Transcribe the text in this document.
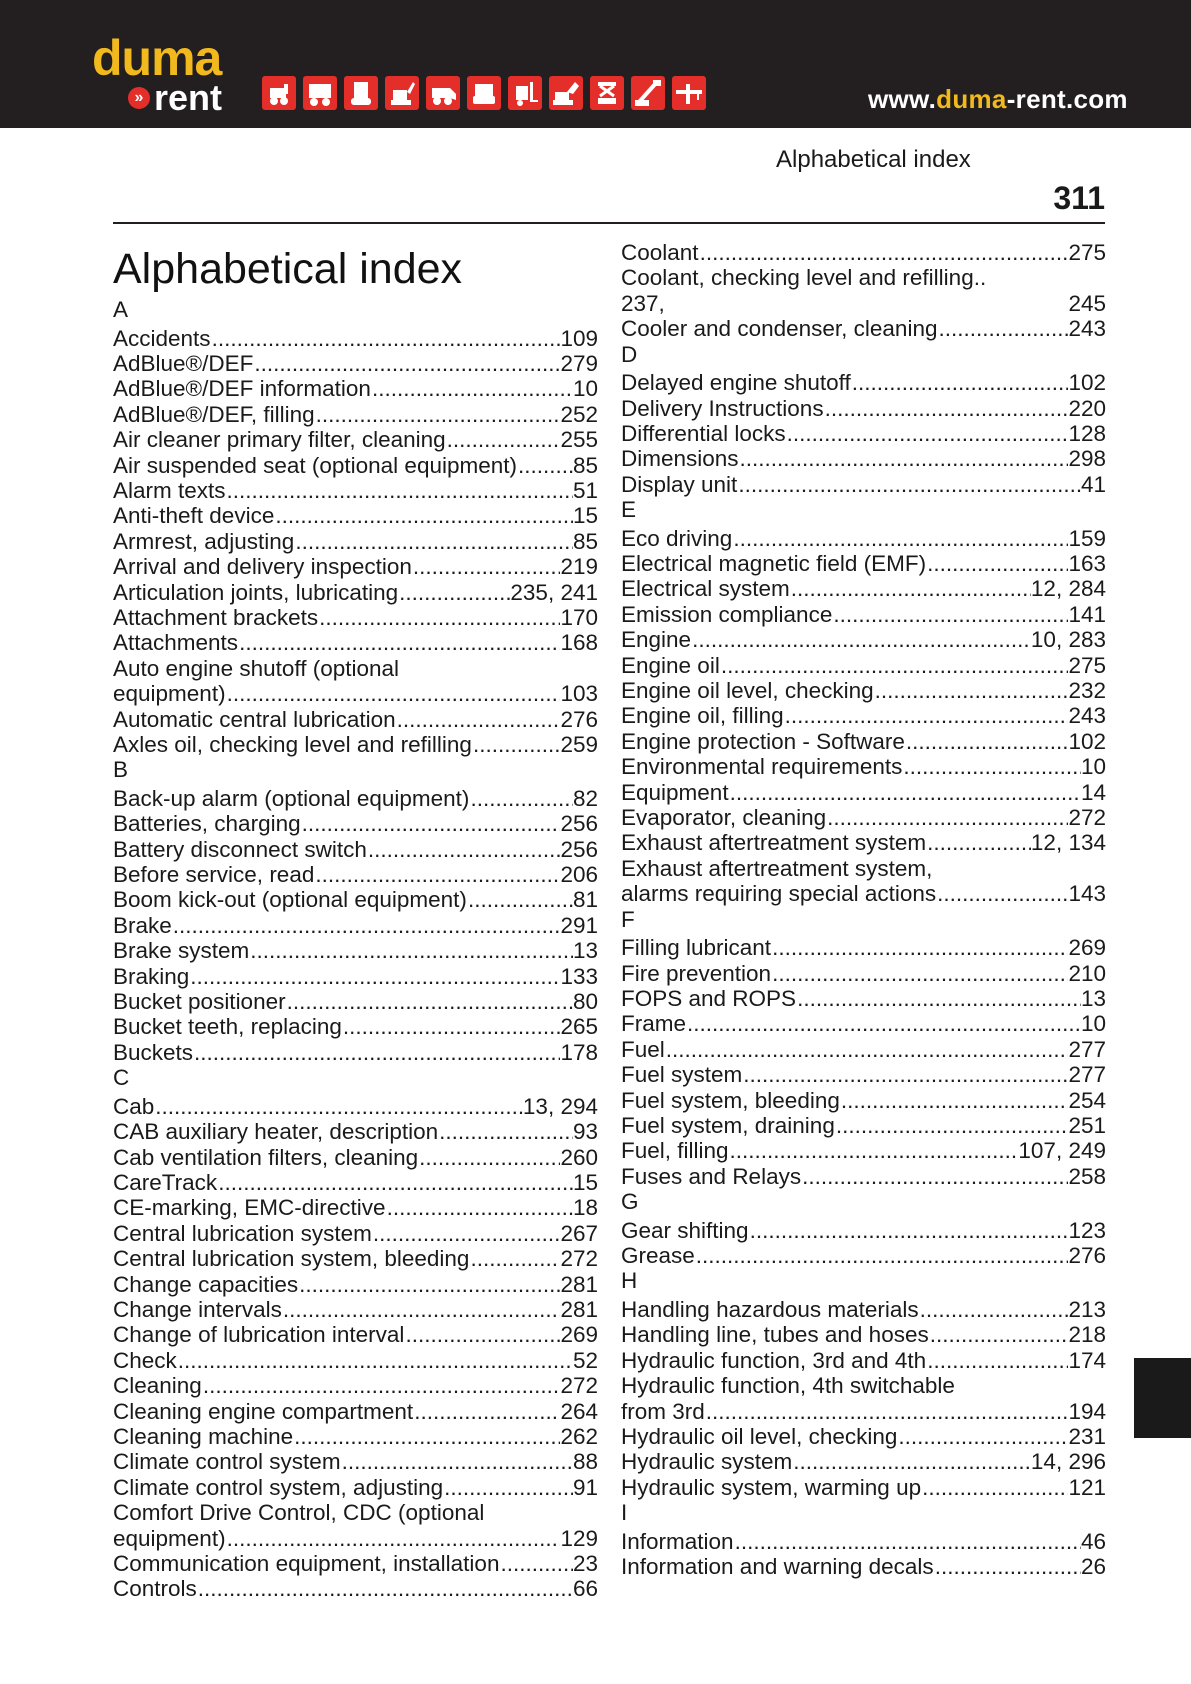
duma
» rent	www.duma-rent.com
Alphabetical index
311
Alphabetical index
A
Accidents .....	109
AdBlue®/DEF .....	279
AdBlue®/DEF information .....	10
AdBlue®/DEF, filling .....	252
Air cleaner primary filter, cleaning .....	255
Air suspended seat (optional equipment) ..... 85
Alarm texts .....	51
Anti-theft device .....	15
Armrest, adjusting .....	85
Arrival and delivery inspection .....	219
Articulation joints, lubricating .....	235, 241
Attachment brackets .....	170
Attachments .....	168
Auto engine shutoff (optional
equipment) .....	103
Automatic central lubrication .....	276
Axles oil, checking level and refilling .....	259
B
Back-up alarm (optional equipment) .....	82
Batteries, charging .....	256
Battery disconnect switch .....	256
Before service, read .....	206
Boom kick-out (optional equipment) .....	81
Brake .....	291
Brake system .....	13
Braking .....	133
Bucket positioner .....	80
Bucket teeth, replacing .....	265
Buckets .....	178
C
Cab .....	13, 294
CAB auxiliary heater, description .....	93
Cab ventilation filters, cleaning .....	260
CareTrack .....	15
CE-marking, EMC-directive .....	18
Central lubrication system .....	267
Central lubrication system, bleeding .....	272
Change capacities .....	281
Change intervals .....	281
Change of lubrication interval .....	269
Check .....	52
Cleaning .....	272
Cleaning engine compartment .....	264
Cleaning machine .....	262
Climate control system .....	88
Climate control system, adjusting .....	91
Comfort Drive Control, CDC (optional
equipment) .....	129
Communication equipment, installation .....	23
Controls .....	66
Coolant .....	275
Coolant, checking level and refilling..
237,	245
Cooler and condenser, cleaning .....	243
D
Delayed engine shutoff .....	102
Delivery Instructions .....	220
Differential locks .....	128
Dimensions .....	298
Display unit .....	41
E
Eco driving .....	159
Electrical magnetic field (EMF) .....	163
Electrical system .....	12, 284
Emission compliance .....	141
Engine .....	10, 283
Engine oil .....	275
Engine oil level, checking .....	232
Engine oil, filling .....	243
Engine protection - Software .....	102
Environmental requirements .....	10
Equipment .....	14
Evaporator, cleaning .....	272
Exhaust aftertreatment system .....	12, 134
Exhaust aftertreatment system,
alarms requiring special actions .....	143
F
Filling lubricant .....	269
Fire prevention .....	210
FOPS and ROPS .....	13
Frame .....	10
Fuel .....	277
Fuel system .....	277
Fuel system, bleeding .....	254
Fuel system, draining .....	251
Fuel, filling .....	107, 249
Fuses and Relays .....	258
G
Gear shifting .....	123
Grease .....	276
H
Handling hazardous materials .....	213
Handling line, tubes and hoses .....	218
Hydraulic function, 3rd and 4th .....	174
Hydraulic function, 4th switchable
from 3rd .....	194
Hydraulic oil level, checking .....	231
Hydraulic system .....	14, 296
Hydraulic system, warming up .....	121
I
Information .....	46
Information and warning decals .....	26
